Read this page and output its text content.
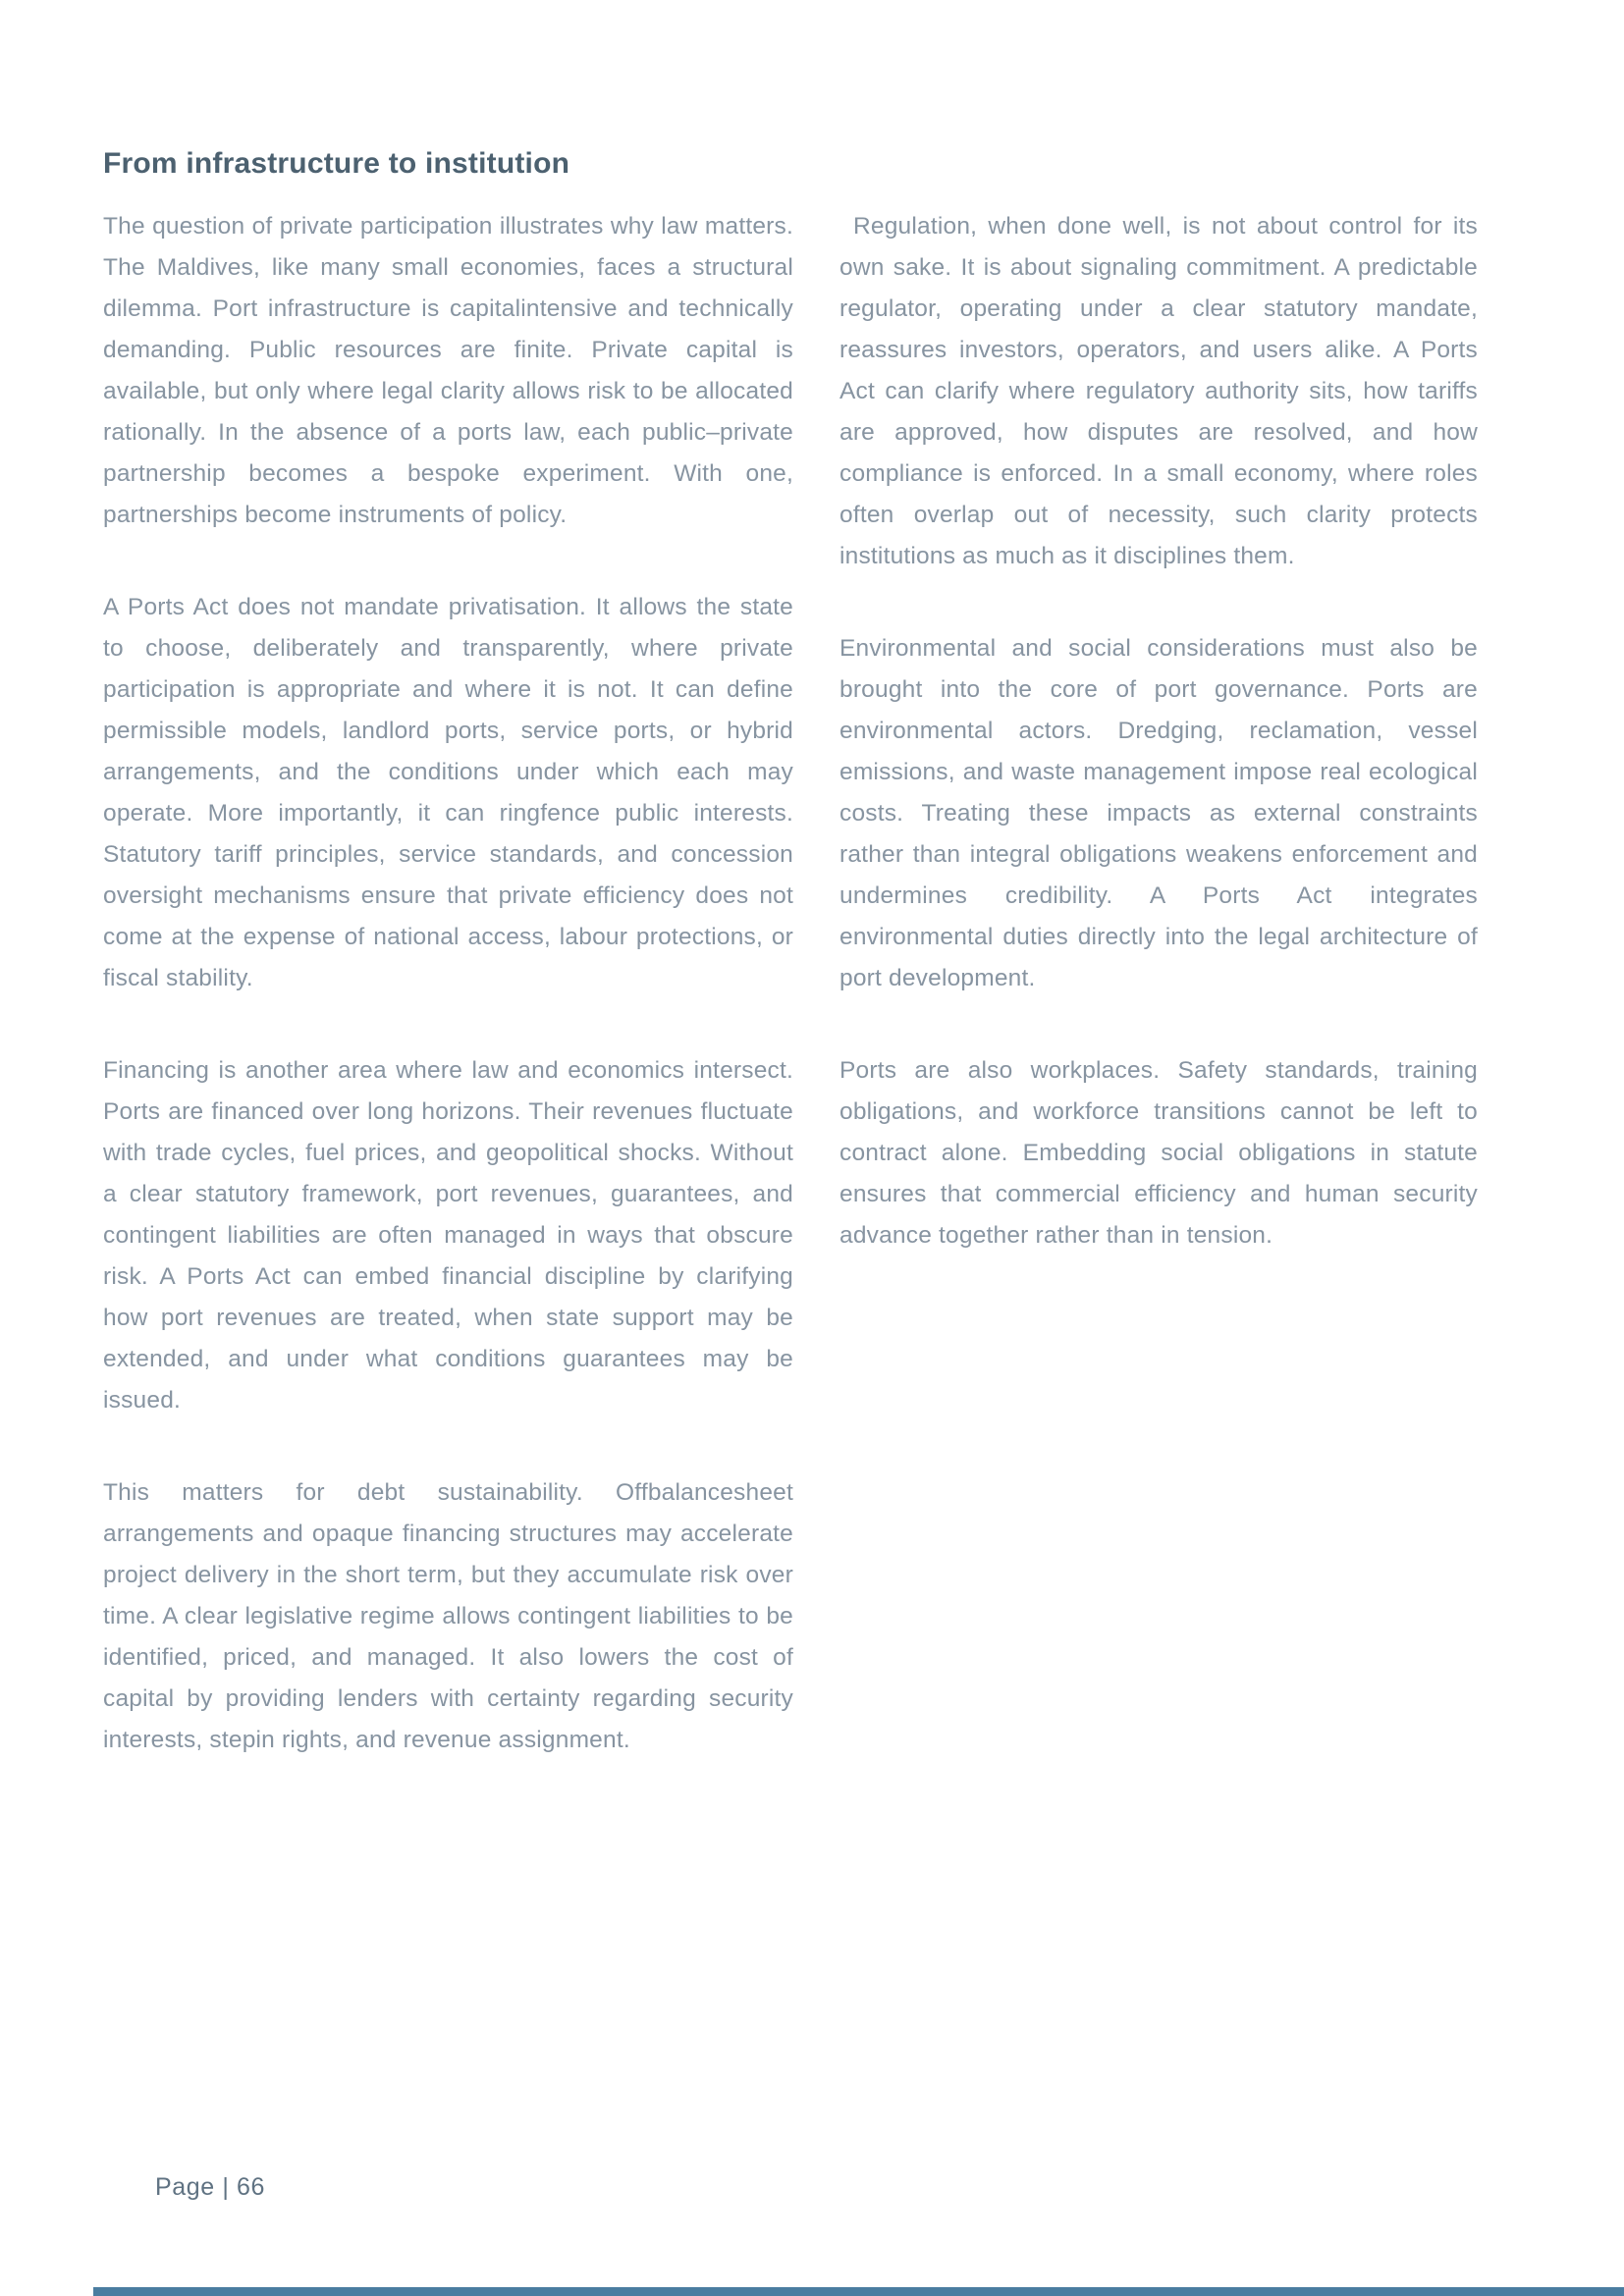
From infrastructure to institution

The question of private participation illustrates why law matters. The Maldives, like many small economies, faces a structural dilemma. Port infrastructure is capitalintensive and technically demanding. Public resources are finite. Private capital is available, but only where legal clarity allows risk to be allocated rationally. In the absence of a ports law, each public–private partnership becomes a bespoke experiment. With one, partnerships become instruments of policy.

A Ports Act does not mandate privatisation. It allows the state to choose, deliberately and transparently, where private participation is appropriate and where it is not. It can define permissible models, landlord ports, service ports, or hybrid arrangements, and the conditions under which each may operate. More importantly, it can ringfence public interests. Statutory tariff principles, service standards, and concession oversight mechanisms ensure that private efficiency does not come at the expense of national access, labour protections, or fiscal stability.

Financing is another area where law and economics intersect. Ports are financed over long horizons. Their revenues fluctuate with trade cycles, fuel prices, and geopolitical shocks. Without a clear statutory framework, port revenues, guarantees, and contingent liabilities are often managed in ways that obscure risk. A Ports Act can embed financial discipline by clarifying how port revenues are treated, when state support may be extended, and under what conditions guarantees may be issued.

This matters for debt sustainability. Offbalancesheet arrangements and opaque financing structures may accelerate project delivery in the short term, but they accumulate risk over time. A clear legislative regime allows contingent liabilities to be identified, priced, and managed. It also lowers the cost of capital by providing lenders with certainty regarding security interests, stepin rights, and revenue assignment.

Regulation, when done well, is not about control for its own sake. It is about signaling commitment. A predictable regulator, operating under a clear statutory mandate, reassures investors, operators, and users alike. A Ports Act can clarify where regulatory authority sits, how tariffs are approved, how disputes are resolved, and how compliance is enforced. In a small economy, where roles often overlap out of necessity, such clarity protects institutions as much as it disciplines them.

Environmental and social considerations must also be brought into the core of port governance. Ports are environmental actors. Dredging, reclamation, vessel emissions, and waste management impose real ecological costs. Treating these impacts as external constraints rather than integral obligations weakens enforcement and undermines credibility. A Ports Act integrates environmental duties directly into the legal architecture of port development.

Ports are also workplaces. Safety standards, training obligations, and workforce transitions cannot be left to contract alone. Embedding social obligations in statute ensures that commercial efficiency and human security advance together rather than in tension.

Page | 66
